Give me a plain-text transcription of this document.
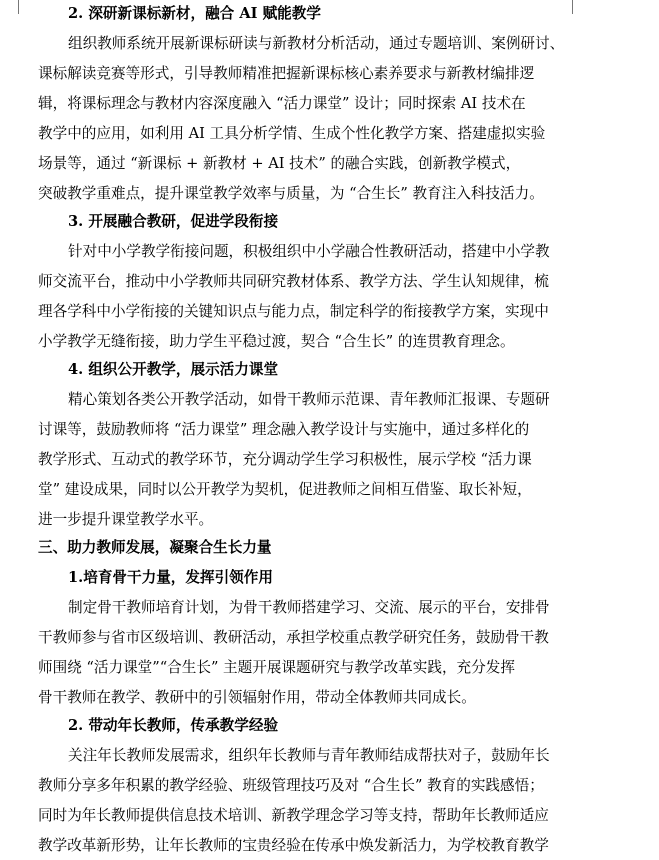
2. 深研新课标新材，融合 AI 赋能教学
组织教师系统开展新课标研读与新教材分析活动，通过专题培训、案例研讨、
课标解读竞赛等形式，引导教师精准把握新课标核心素养要求与新教材编排逻
辑，将课标理念与教材内容深度融入 “活力课堂” 设计；同时探索 AI 技术在
教学中的应用，如利用 AI 工具分析学情、生成个性化教学方案、搭建虚拟实验
场景等，通过 “新课标 + 新教材 + AI 技术” 的融合实践，创新教学模式，
突破教学重难点，提升课堂教学效率与质量，为 “合生长” 教育注入科技活力。
3. 开展融合教研，促进学段衔接
针对中小学教学衔接问题，积极组织中小学融合性教研活动，搭建中小学教
师交流平台，推动中小学教师共同研究教材体系、教学方法、学生认知规律，梳
理各学科中小学衔接的关键知识点与能力点，制定科学的衔接教学方案，实现中
小学教学无缝衔接，助力学生平稳过渡，契合 “合生长” 的连贯教育理念。
4. 组织公开教学，展示活力课堂
精心策划各类公开教学活动，如骨干教师示范课、青年教师汇报课、专题研
讨课等，鼓励教师将 “活力课堂” 理念融入教学设计与实施中，通过多样化的
教学形式、互动式的教学环节，充分调动学生学习积极性，展示学校 “活力课
堂” 建设成果，同时以公开教学为契机，促进教师之间相互借鉴、取长补短，
进一步提升课堂教学水平。
三、助力教师发展，凝聚合生长力量
1.培育骨干力量，发挥引领作用
制定骨干教师培育计划，为骨干教师搭建学习、交流、展示的平台，安排骨
干教师参与省市区级培训、教研活动，承担学校重点教学研究任务，鼓励骨干教
师围绕 “活力课堂”“合生长” 主题开展课题研究与教学改革实践，充分发挥
骨干教师在教学、教研中的引领辐射作用，带动全体教师共同成长。
2. 带动年长教师，传承教学经验
关注年长教师发展需求，组织年长教师与青年教师结成帮扶对子，鼓励年长
教师分享多年积累的教学经验、班级管理技巧及对 “合生长” 教育的实践感悟；
同时为年长教师提供信息技术培训、新教学理念学习等支持，帮助年长教师适应
教学改革新形势，让年长教师的宝贵经验在传承中焕发新活力，为学校教育教学
